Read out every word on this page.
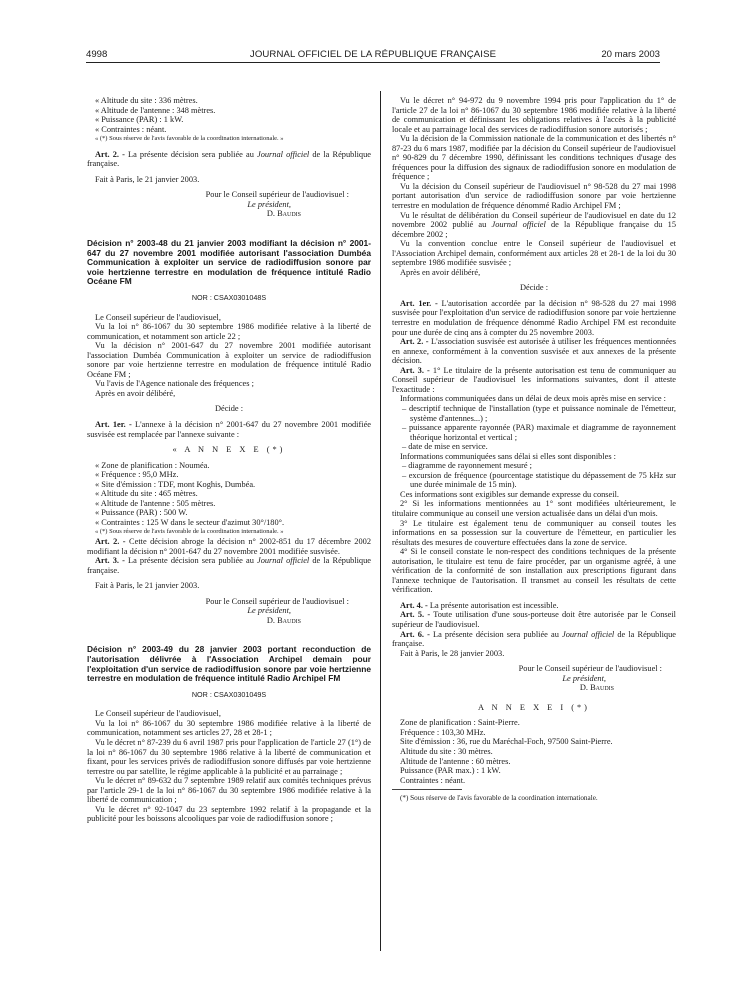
4998	JOURNAL OFFICIEL DE LA RÉPUBLIQUE FRANÇAISE	20 mars 2003

« Altitude du site : 336 mètres.

« Altitude de l'antenne : 348 mètres.

« Puissance (PAR) : 1 kW.

« Contraintes : néant.

« (*) Sous réserve de l'avis favorable de la coordination internationale. »

Art. 2. - La présente décision sera publiée au Journal officiel de la République française.

Fait à Paris, le 21 janvier 2003.

Pour le Conseil supérieur de l'audiovisuel :

Le président,

D. Baudis

Décision n° 2003-48 du 21 janvier 2003 modifiant la décision n° 2001-647 du 27 novembre 2001 modifiée autorisant l'association Dumbéa Communication à exploiter un service de radiodiffusion sonore par voie hertzienne terrestre en modulation de fréquence intitulé Radio Océane FM
NOR : CSAX0301048S

Le Conseil supérieur de l'audiovisuel,

Vu la loi n° 86-1067 du 30 septembre 1986 modifiée relative à la liberté de communication, et notamment son article 22 ;

Vu la décision n° 2001-647 du 27 novembre 2001 modifiée autorisant l'association Dumbéa Communication à exploiter un service de radiodiffusion sonore par voie hertzienne terrestre en modulation de fréquence intitulé Radio Océane FM ;

Vu l'avis de l'Agence nationale des fréquences ;

Après en avoir délibéré,

Décide :

Art. 1er. - L'annexe à la décision n° 2001-647 du 27 novembre 2001 modifiée susvisée est remplacée par l'annexe suivante :

« A N N E X E (*)

« Zone de planification : Nouméa.

« Fréquence : 95,0 MHz.

« Site d'émission : TDF, mont Koghis, Dumbéa.

« Altitude du site : 465 mètres.

« Altitude de l'antenne : 505 mètres.

« Puissance (PAR) : 500 W.

« Contraintes : 125 W dans le secteur d'azimut 30°/180°.

« (*) Sous réserve de l'avis favorable de la coordination internationale. »

Art. 2. - Cette décision abroge la décision n° 2002-851 du 17 décembre 2002 modifiant la décision n° 2001-647 du 27 novembre 2001 modifiée susvisée.

Art. 3. - La présente décision sera publiée au Journal officiel de la République française.

Fait à Paris, le 21 janvier 2003.

Pour le Conseil supérieur de l'audiovisuel :

Le président,

D. Baudis

Décision n° 2003-49 du 28 janvier 2003 portant reconduction de l'autorisation délivrée à l'Association Archipel demain pour l'exploitation d'un service de radiodiffusion sonore par voie hertzienne terrestre en modulation de fréquence intitulé Radio Archipel FM
NOR : CSAX0301049S

Le Conseil supérieur de l'audiovisuel,

Vu la loi n° 86-1067 du 30 septembre 1986 modifiée relative à la liberté de communication, notamment ses articles 27, 28 et 28-1 ;

Vu le décret n° 87-239 du 6 avril 1987 pris pour l'application de l'article 27 (1°) de la loi n° 86-1067 du 30 septembre 1986 relative à la liberté de communication et fixant, pour les services privés de radiodiffusion sonore diffusés par voie hertzienne terrestre ou par satellite, le régime applicable à la publicité et au parrainage ;

Vu le décret n° 89-632 du 7 septembre 1989 relatif aux comités techniques prévus par l'article 29-1 de la loi n° 86-1067 du 30 septembre 1986 modifiée relative à la liberté de communication ;

Vu le décret n° 92-1047 du 23 septembre 1992 relatif à la propagande et la publicité pour les boissons alcooliques par voie de radiodiffusion sonore ;

Vu le décret n° 94-972 du 9 novembre 1994 pris pour l'application du 1° de l'article 27 de la loi n° 86-1067 du 30 septembre 1986 modifiée relative à la liberté de communication et définissant les obligations relatives à l'accès à la publicité locale et au parrainage local des services de radiodiffusion sonore autorisés ;

Vu la décision de la Commission nationale de la communication et des libertés n° 87-23 du 6 mars 1987, modifiée par la décision du Conseil supérieur de l'audiovisuel n° 90-829 du 7 décembre 1990, définissant les conditions techniques d'usage des fréquences pour la diffusion des signaux de radiodiffusion sonore en modulation de fréquence ;

Vu la décision du Conseil supérieur de l'audiovisuel n° 98-528 du 27 mai 1998 portant autorisation d'un service de radiodiffusion sonore par voie hertzienne terrestre en modulation de fréquence dénommé Radio Archipel FM ;

Vu le résultat de délibération du Conseil supérieur de l'audiovisuel en date du 12 novembre 2002 publié au Journal officiel de la République française du 15 décembre 2002 ;

Vu la convention conclue entre le Conseil supérieur de l'audiovisuel et l'Association Archipel demain, conformément aux articles 28 et 28-1 de la loi du 30 septembre 1986 modifiée susvisée ;

Après en avoir délibéré,

Décide :

Art. 1er. - L'autorisation accordée par la décision n° 98-528 du 27 mai 1998 susvisée pour l'exploitation d'un service de radiodiffusion sonore par voie hertzienne terrestre en modulation de fréquence dénommé Radio Archipel FM est reconduite pour une durée de cinq ans à compter du 25 novembre 2003.

Art. 2. - L'association susvisée est autorisée à utiliser les fréquences mentionnées en annexe, conformément à la convention susvisée et aux annexes de la présente décision.

Art. 3. - 1° Le titulaire de la présente autorisation est tenu de communiquer au Conseil supérieur de l'audiovisuel les informations suivantes, dont il atteste l'exactitude :

Informations communiquées dans un délai de deux mois après mise en service :

– descriptif technique de l'installation (type et puissance nominale de l'émetteur, système d'antennes...) ;

– puissance apparente rayonnée (PAR) maximale et diagramme de rayonnement théorique horizontal et vertical ;

– date de mise en service.

Informations communiquées sans délai si elles sont disponibles :

– diagramme de rayonnement mesuré ;

– excursion de fréquence (pourcentage statistique du dépassement de 75 kHz sur une durée minimale de 15 min).

Ces informations sont exigibles sur demande expresse du conseil.

2° Si les informations mentionnées au 1° sont modifiées ultérieurement, le titulaire communique au conseil une version actualisée dans un délai d'un mois.

3° Le titulaire est également tenu de communiquer au conseil toutes les informations en sa possession sur la couverture de l'émetteur, en particulier les résultats des mesures de couverture effectuées dans la zone de service.

4° Si le conseil constate le non-respect des conditions techniques de la présente autorisation, le titulaire est tenu de faire procéder, par un organisme agréé, à une vérification de la conformité de son installation aux prescriptions figurant dans l'annexe technique de l'autorisation. Il transmet au conseil les résultats de cette vérification.

Art. 4. - La présente autorisation est incessible.

Art. 5. - Toute utilisation d'une sous-porteuse doit être autorisée par le Conseil supérieur de l'audiovisuel.

Art. 6. - La présente décision sera publiée au Journal officiel de la République française.

Fait à Paris, le 28 janvier 2003.

Pour le Conseil supérieur de l'audiovisuel :

Le président,

D. Baudis

A N N E X E I (*)

Zone de planification : Saint-Pierre.

Fréquence : 103,30 MHz.

Site d'émission : 36, rue du Maréchal-Foch, 97500 Saint-Pierre.

Altitude du site : 30 mètres.

Altitude de l'antenne : 60 mètres.

Puissance (PAR max.) : 1 kW.

Contraintes : néant.

(*) Sous réserve de l'avis favorable de la coordination internationale.
